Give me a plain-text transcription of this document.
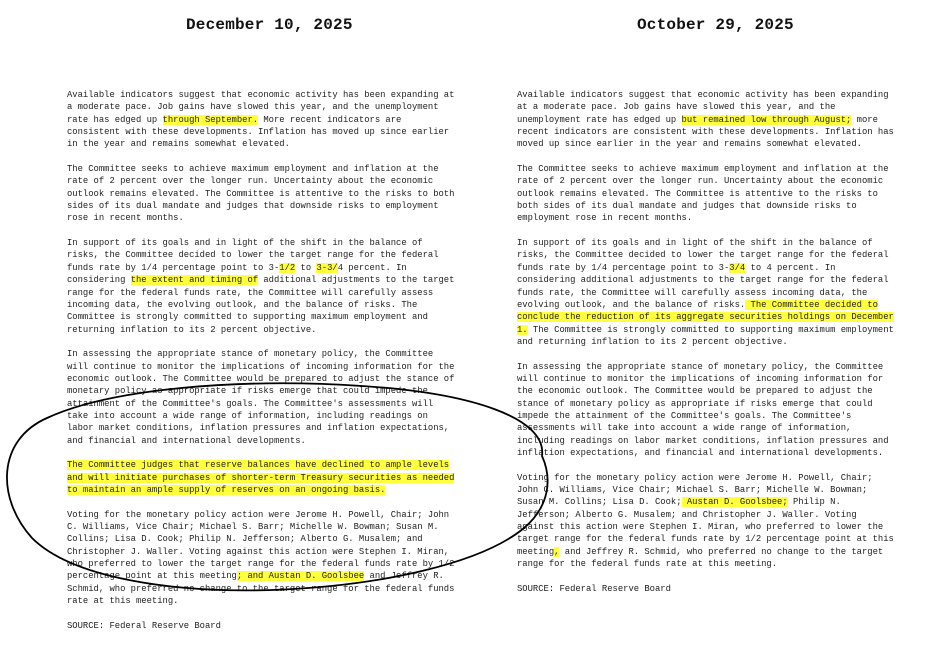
December 10, 2025	October 29, 2025

Available indicators suggest that economic activity has been expanding at
a moderate pace. Job gains have slowed this year, and the unemployment
rate has edged up through September. More recent indicators are
consistent with these developments. Inflation has moved up since earlier
in the year and remains somewhat elevated.

The Committee seeks to achieve maximum employment and inflation at the
rate of 2 percent over the longer run. Uncertainty about the economic
outlook remains elevated. The Committee is attentive to the risks to both
sides of its dual mandate and judges that downside risks to employment
rose in recent months.

In support of its goals and in light of the shift in the balance of
risks, the Committee decided to lower the target range for the federal
funds rate by 1/4 percentage point to 3-1/2 to 3-3/4 percent. In
considering the extent and timing of additional adjustments to the target
range for the federal funds rate, the Committee will carefully assess
incoming data, the evolving outlook, and the balance of risks. The
Committee is strongly committed to supporting maximum employment and
returning inflation to its 2 percent objective.

In assessing the appropriate stance of monetary policy, the Committee
will continue to monitor the implications of incoming information for the
economic outlook. The Committee would be prepared to adjust the stance of
monetary policy as appropriate if risks emerge that could impede the
attainment of the Committee's goals. The Committee's assessments will
take into account a wide range of information, including readings on
labor market conditions, inflation pressures and inflation expectations,
and financial and international developments.

The Committee judges that reserve balances have declined to ample levels
and will initiate purchases of shorter-term Treasury securities as needed
to maintain an ample supply of reserves on an ongoing basis.

Voting for the monetary policy action were Jerome H. Powell, Chair; John
C. Williams, Vice Chair; Michael S. Barr; Michelle W. Bowman; Susan M.
Collins; Lisa D. Cook; Philip N. Jefferson; Alberto G. Musalem; and
Christopher J. Waller. Voting against this action were Stephen I. Miran,
who preferred to lower the target range for the federal funds rate by 1/2
percentage point at this meeting; and Austan D. Goolsbee and Jeffrey R.
Schmid, who preferred no change to the target range for the federal funds
rate at this meeting.

SOURCE: Federal Reserve Board

Available indicators suggest that economic activity has been expanding
at a moderate pace. Job gains have slowed this year, and the
unemployment rate has edged up but remained low through August; more
recent indicators are consistent with these developments. Inflation has
moved up since earlier in the year and remains somewhat elevated.

The Committee seeks to achieve maximum employment and inflation at the
rate of 2 percent over the longer run. Uncertainty about the economic
outlook remains elevated. The Committee is attentive to the risks to
both sides of its dual mandate and judges that downside risks to
employment rose in recent months.

In support of its goals and in light of the shift in the balance of
risks, the Committee decided to lower the target range for the federal
funds rate by 1/4 percentage point to 3-3/4 to 4 percent. In
considering additional adjustments to the target range for the federal
funds rate, the Committee will carefully assess incoming data, the
evolving outlook, and the balance of risks. The Committee decided to
conclude the reduction of its aggregate securities holdings on December
1. The Committee is strongly committed to supporting maximum employment
and returning inflation to its 2 percent objective.

In assessing the appropriate stance of monetary policy, the Committee
will continue to monitor the implications of incoming information for
the economic outlook. The Committee would be prepared to adjust the
stance of monetary policy as appropriate if risks emerge that could
impede the attainment of the Committee's goals. The Committee's
assessments will take into account a wide range of information,
including readings on labor market conditions, inflation pressures and
inflation expectations, and financial and international developments.

Voting for the monetary policy action were Jerome H. Powell, Chair;
John C. Williams, Vice Chair; Michael S. Barr; Michelle W. Bowman;
Susan M. Collins; Lisa D. Cook; Austan D. Goolsbee; Philip N.
Jefferson; Alberto G. Musalem; and Christopher J. Waller. Voting
against this action were Stephen I. Miran, who preferred to lower the
target range for the federal funds rate by 1/2 percentage point at this
meeting, and Jeffrey R. Schmid, who preferred no change to the target
range for the federal funds rate at this meeting.

SOURCE: Federal Reserve Board
